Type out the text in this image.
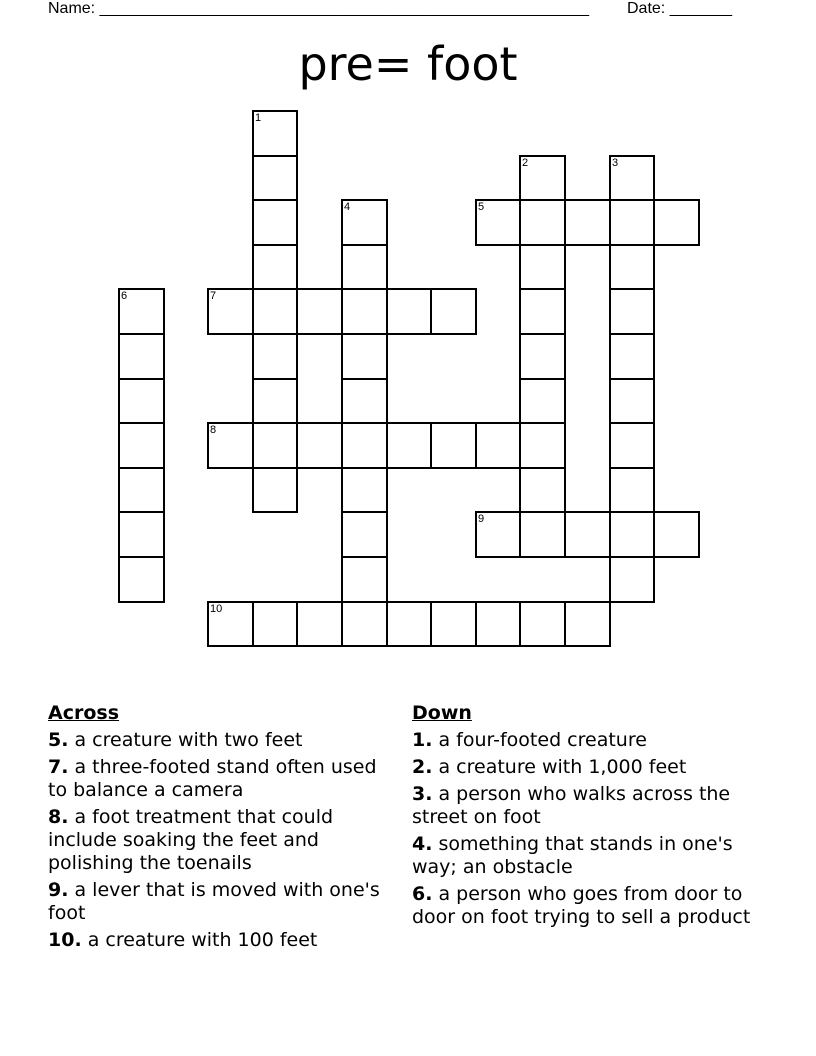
Name: _______________________________________________________ Date: _______
pre= foot
1
2	3
4	5
6	7
8
9
10
Across
5. a creature with two feet
7. a three-footed stand often used to balance a camera
8. a foot treatment that could include soaking the feet and polishing the toenails
9. a lever that is moved with one's foot
10. a creature with 100 feet
Down
1. a four-footed creature
2. a creature with 1,000 feet
3. a person who walks across the street on foot
4. something that stands in one's way; an obstacle
6. a person who goes from door to door on foot trying to sell a product
